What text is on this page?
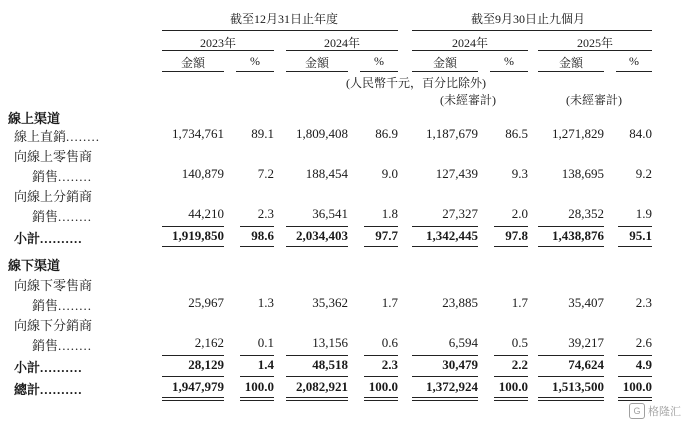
截至12月31日止年度	截至9月30日止九個月
2023年	2024年	2024年	2025年
金額	%	金額	%	金額	%	金額	%
(人民幣千元，百分比除外)
(未經審計)	(未經審計)
線上渠道
線下渠道
線上直銷........	1,734,761	89.1	1,809,408	86.9	1,187,679	86.5	1,271,829	84.0
向線上零售商
銷售........	140,879	7.2	188,454	9.0	127,439	9.3	138,695	9.2
向線上分銷商
銷售........	44,210	2.3	36,541	1.8	27,327	2.0	28,352	1.9
小計..........	1,919,850	98.6	2,034,403	97.7	1,342,445	97.8	1,438,876	95.1
向線下零售商
銷售........	25,967	1.3	35,362	1.7	23,885	1.7	35,407	2.3
向線下分銷商
銷售........	2,162	0.1	13,156	0.6	6,594	0.5	39,217	2.6
小計..........	28,129	1.4	48,518	2.3	30,479	2.2	74,624	4.9
總計..........	1,947,979	100.0	2,082,921	100.0	1,372,924	100.0	1,513,500	100.0
G 格隆汇
